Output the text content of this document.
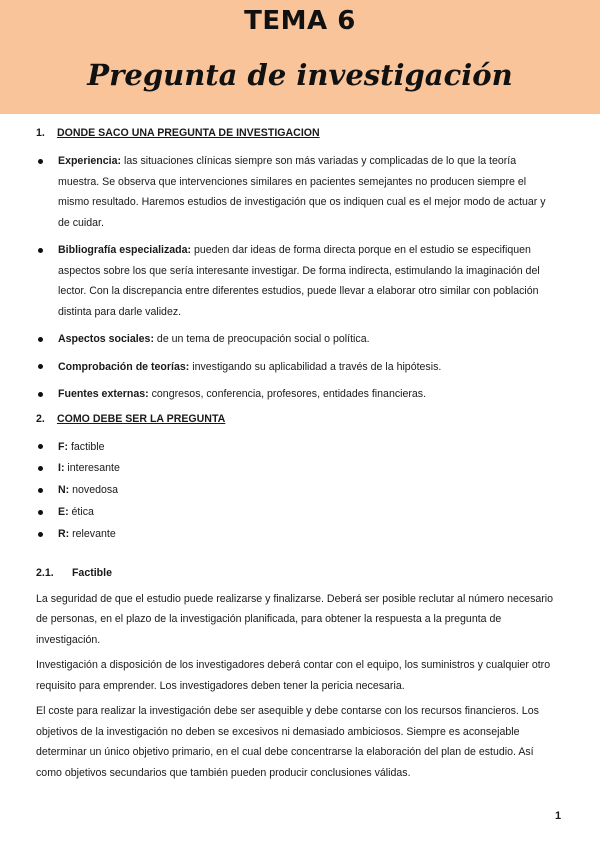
TEMA 6
Pregunta de investigación
1. DONDE SACO UNA PREGUNTA DE INVESTIGACION
Experiencia: las situaciones clínicas siempre son más variadas y complicadas de lo que la teoría muestra. Se observa que intervenciones similares en pacientes semejantes no producen siempre el mismo resultado. Haremos estudios de investigación que os indiquen cual es el mejor modo de actuar y de cuidar.
Bibliografía especializada: pueden dar ideas de forma directa porque en el estudio se especifiquen aspectos sobre los que sería interesante investigar. De forma indirecta, estimulando la imaginación del lector. Con la discrepancia entre diferentes estudios, puede llevar a elaborar otro similar con población distinta para darle validez.
Aspectos sociales: de un tema de preocupación social o política.
Comprobación de teorías: investigando su aplicabilidad a través de la hipótesis.
Fuentes externas: congresos, conferencia, profesores, entidades financieras.
2. COMO DEBE SER LA PREGUNTA
F: factible
I: interesante
N: novedosa
E: ética
R: relevante
2.1. Factible

La seguridad de que el estudio puede realizarse y finalizarse. Deberá ser posible reclutar al número necesario de personas, en el plazo de la investigación planificada, para obtener la respuesta a la pregunta de investigación.

Investigación a disposición de los investigadores deberá contar con el equipo, los suministros y cualquier otro requisito para emprender. Los investigadores deben tener la pericia necesaria.

El coste para realizar la investigación debe ser asequible y debe contarse con los recursos financieros. Los objetivos de la investigación no deben se excesivos ni demasiado ambiciosos. Siempre es aconsejable determinar un único objetivo primario, en el cual debe concentrarse la elaboración del plan de estudio. Así como objetivos secundarios que también pueden producir conclusiones válidas.

1
